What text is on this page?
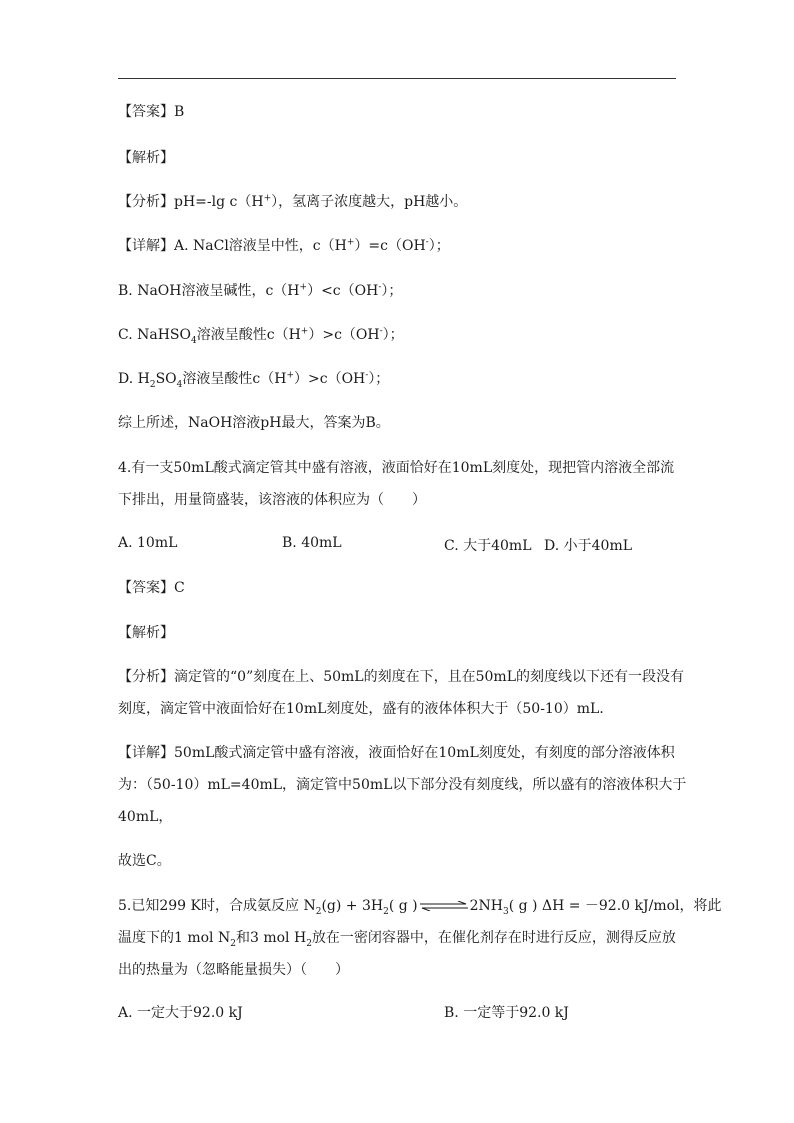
【答案】B
【解析】
【分析】pH=-lg c（H+），氢离子浓度越大，pH越小。
【详解】A. NaCl溶液呈中性，c（H+）=c（OH-）；
B. NaOH溶液呈碱性，c（H+）<c（OH-）；
C. NaHSO$_4$溶液呈酸性c（H+）>c（OH-）；
D. $H_2SO_4$溶液呈酸性c（H+）>c（OH-）；
综上所述，NaOH溶液pH最大，答案为B。
4.有一支50mL酸式滴定管其中盛有溶液，液面恰好在10mL刻度处，现把管内溶液全部流
下排出，用量筒盛装，该溶液的体积应为（　　）
A. 10mL	B. 40mL	C. 大于40mL D. 小于40mL
【答案】C
【解析】
【分析】滴定管的“0”刻度在上、50mL的刻度在下，且在50mL的刻度线以下还有一段没有
刻度，滴定管中液面恰好在10mL刻度处，盛有的液体体积大于（50-10）mL．
【详解】50mL酸式滴定管中盛有溶液，液面恰好在10mL刻度处，有刻度的部分溶液体积
为：（50-10）mL=40mL，滴定管中50mL以下部分没有刻度线，所以盛有的溶液体积大于
40mL，
故选C。
5.已知299 K时，合成氨反应 $N_2(g) + 3H_2$( g ) ⇌ $2NH_3$( g ) ΔH = －92.0 kJ/mol，将此
温度下的1 mol $N_2$和3 mol $H_2$放在一密闭容器中，在催化剂存在时进行反应，测得反应放
出的热量为（忽略能量损失）（　　）
A. 一定大于92.0 kJ	B. 一定等于92.0 kJ
